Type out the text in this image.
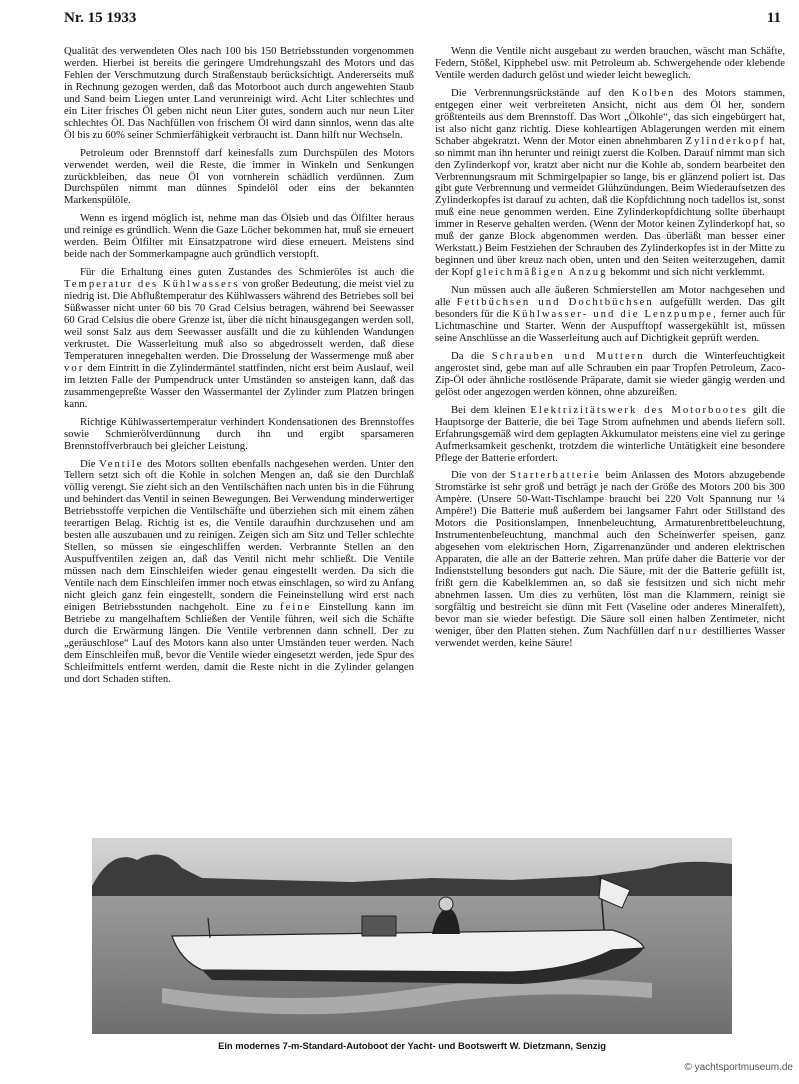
Nr. 15 1933	11

Qualität des verwendeten Öles nach 100 bis 150 Betriebsstunden vorgenommen werden. Hierbei ist bereits die geringere Umdrehungszahl des Motors und das Fehlen der Verschmutzung durch Straßenstaub berücksichtigt. Andererseits muß in Rechnung gezogen werden, daß das Motorboot auch durch angewehten Staub und Sand beim Liegen unter Land verunreinigt wird. Acht Liter schlechtes und ein Liter frisches Öl geben nicht neun Liter gutes, sondern auch nur neun Liter schlechtes Öl. Das Nachfüllen von frischem Öl wird dann sinnlos, wenn das alte Öl bis zu 60% seiner Schmierfähigkeit verbraucht ist. Dann hilft nur Wechseln.

Petroleum oder Brennstoff darf keinesfalls zum Durchspülen des Motors verwendet werden, weil die Reste, die immer in Winkeln und Senkungen zurückbleiben, das neue Öl von vornherein schädlich verdünnen. Zum Durchspülen nimmt man dünnes Spindelöl oder eins der bekannten Markenspülöle.

Wenn es irgend möglich ist, nehme man das Ölsieb und das Ölfilter heraus und reinige es gründlich. Wenn die Gaze Löcher bekommen hat, muß sie erneuert werden. Beim Ölfilter mit Einsatzpatrone wird diese erneuert. Meistens sind beide nach der Sommerkampagne auch gründlich verstopft.

Für die Erhaltung eines guten Zustandes des Schmieröles ist auch die Temperatur des Kühlwassers von großer Bedeutung, die meist viel zu niedrig ist. Die Abflußtemperatur des Kühlwassers während des Betriebes soll bei Süßwasser nicht unter 60 bis 70 Grad Celsius betragen, während bei Seewasser 60 Grad Celsius die obere Grenze ist, über die nicht hinausgegangen werden soll, weil sonst Salz aus dem Seewasser ausfällt und die zu kühlenden Wandungen verkrustet. Die Wasserleitung muß also so abgedrosselt werden, daß diese Temperaturen innegehalten werden. Die Drosselung der Wassermenge muß aber vor dem Eintritt in die Zylindermäntel stattfinden, nicht erst beim Auslauf, weil im letzten Falle der Pumpendruck unter Umständen so ansteigen kann, daß das zusammengepreßte Wasser den Wassermantel der Zylinder zum Platzen bringen kann.

Richtige Kühlwassertemperatur verhindert Kondensationen des Brennstoffes sowie Schmierölverdünnung durch ihn und ergibt sparsameren Brennstoffverbrauch bei gleicher Leistung.

Die Ventile des Motors sollten ebenfalls nachgesehen werden. Unter den Tellern setzt sich oft die Kohle in solchen Mengen an, daß sie den Durchlaß völlig verengt. Sie zieht sich an den Ventilschäften nach unten bis in die Führung und behindert das Ventil in seinen Bewegungen. Bei Verwendung minderwertiger Betriebsstoffe verpichen die Ventilschäfte und überziehen sich mit einem zähen teerartigen Belag. Richtig ist es, die Ventile daraufhin durchzusehen und am besten alle auszubauen und zu reinigen. Zeigen sich am Sitz und Teller schlechte Stellen, so müssen sie eingeschliffen werden. Verbrannte Stellen an den Auspuffventilen zeigen an, daß das Ventil nicht mehr schließt. Die Ventile müssen nach dem Einschleifen wieder genau eingestellt werden. Da sich die Ventile nach dem Einschleifen immer noch etwas einschlagen, so wird zu Anfang nicht gleich ganz fein eingestellt, sondern die Feineinstellung wird erst nach einigen Betriebsstunden nachgeholt. Eine zu feine Einstellung kann im Betriebe zu mangelhaftem Schließen der Ventile führen, weil sich die Schäfte durch die Erwärmung längen. Die Ventile verbrennen dann schnell. Der zu „geräuschlose“ Lauf des Motors kann also unter Umständen teuer werden. Nach dem Einschleifen muß, bevor die Ventile wieder eingesetzt werden, jede Spur des Schleifmittels entfernt werden, damit die Reste nicht in die Zylinder gelangen und dort Schaden stiften.

Wenn die Ventile nicht ausgebaut zu werden brauchen, wäscht man Schäfte, Federn, Stößel, Kipphebel usw. mit Petroleum ab. Schwergehende oder klebende Ventile werden dadurch gelöst und wieder leicht beweglich.

Die Verbrennungsrückstände auf den Kolben des Motors stammen, entgegen einer weit verbreiteten Ansicht, nicht aus dem Öl her, sondern größtenteils aus dem Brennstoff. Das Wort „Ölkohle“, das sich eingebürgert hat, ist also nicht ganz richtig. Diese kohleartigen Ablagerungen werden mit einem Schaber abgekratzt. Wenn der Motor einen abnehmbaren Zylinderkopf hat, so nimmt man ihn herunter und reinigt zuerst die Kolben. Darauf nimmt man sich den Zylinderkopf vor, kratzt aber nicht nur die Kohle ab, sondern bearbeitet den Verbrennungsraum mit Schmirgelpapier so lange, bis er glänzend poliert ist. Das gibt gute Verbrennung und vermeidet Glühzündungen. Beim Wiederaufsetzen des Zylinderkopfes ist darauf zu achten, daß die Kopfdichtung noch tadellos ist, sonst muß eine neue genommen werden. Eine Zylinderkopfdichtung sollte überhaupt immer in Reserve gehalten werden. (Wenn der Motor keinen Zylinderkopf hat, so muß der ganze Block abgenommen werden. Das überläßt man besser einer Werkstatt.) Beim Festziehen der Schrauben des Zylinderkopfes ist in der Mitte zu beginnen und über kreuz nach oben, unten und den Seiten weiterzugehen, damit der Kopf gleichmäßigen Anzug bekommt und sich nicht verklemmt.

Nun müssen auch alle äußeren Schmierstellen am Motor nachgesehen und alle Fettbüchsen und Dochtbüchsen aufgefüllt werden. Das gilt besonders für die Kühlwasser- und die Lenzpumpe, ferner auch für Lichtmaschine und Starter. Wenn der Auspufftopf wassergekühlt ist, müssen seine Anschlüsse an die Wasserleitung auch auf Dichtigkeit geprüft werden.

Da die Schrauben und Muttern durch die Winterfeuchtigkeit angerostet sind, gebe man auf alle Schrauben ein paar Tropfen Petroleum, Zaco-Zip-Öl oder ähnliche rostlösende Präparate, damit sie wieder gängig werden und gelöst oder angezogen werden können, ohne abzureißen.

Bei dem kleinen Elektrizitätswerk des Motorbootes gilt die Hauptsorge der Batterie, die bei Tage Strom aufnehmen und abends liefern soll. Erfahrungsgemäß wird dem geplagten Akkumulator meistens eine viel zu geringe Aufmerksamkeit geschenkt, trotzdem die winterliche Untätigkeit eine besondere Pflege der Batterie erfordert.

Die von der Starterbatterie beim Anlassen des Motors abzugebende Stromstärke ist sehr groß und beträgt je nach der Größe des Motors 200 bis 300 Ampère. (Unsere 50-Watt-Tischlampe braucht bei 220 Volt Spannung nur ¼ Ampère!) Die Batterie muß außerdem bei langsamer Fahrt oder Stillstand des Motors die Positionslampen, Innenbeleuchtung, Armaturenbrettbeleuchtung, Instrumentenbeleuchtung, manchmal auch den Scheinwerfer speisen, ganz abgesehen vom elektrischen Horn, Zigarrenanzünder und anderen elektrischen Apparaten, die alle an der Batterie zehren. Man prüfe daher die Batterie vor der Indienststellung besonders gut nach. Die Säure, mit der die Batterie gefüllt ist, frißt gern die Kabelklemmen an, so daß sie festsitzen und sich nicht mehr abnehmen lassen. Um dies zu verhüten, löst man die Klammern, reinigt sie sorgfältig und bestreicht sie dünn mit Fett (Vaseline oder anderes Mineralfett), bevor man sie wieder befestigt. Die Säure soll einen halben Zentimeter, nicht weniger, über den Platten stehen. Zum Nachfüllen darf nur destilliertes Wasser verwendet werden, keine Säure!

Ein modernes 7-m-Standard-Autoboot der Yacht- und Bootswerft W. Dietzmann, Senzig
© yachtsportmuseum.de
